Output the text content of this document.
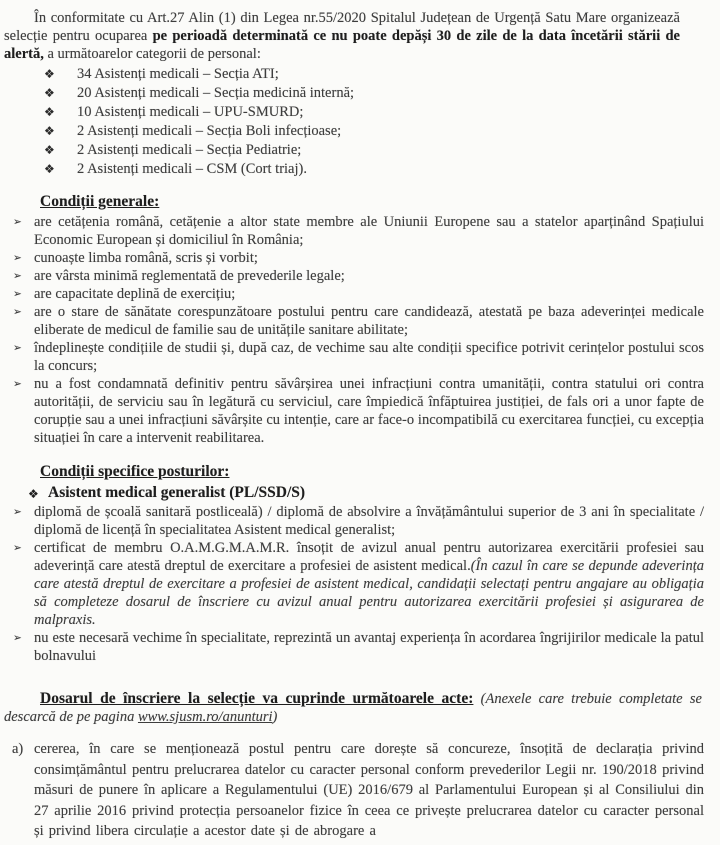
În conformitate cu Art.27 Alin (1) din Legea nr.55/2020 Spitalul Județean de Urgență Satu Mare organizează selecție pentru ocuparea pe perioadă determinată ce nu poate depăși 30 de zile de la data încetării stării de alertă, a următoarelor categorii de personal:

❖ 34 Asistenți medicali – Secția ATI;
❖ 20 Asistenți medicali – Secția medicină internă;
❖ 10 Asistenți medicali – UPU-SMURD;
❖ 2 Asistenți medicali – Secția Boli infecțioase;
❖ 2 Asistenți medicali – Secția Pediatrie;
❖ 2 Asistenți medicali – CSM (Cort triaj).
Condiții generale:
➢ are cetățenia română, cetățenie a altor state membre ale Uniunii Europene sau a statelor aparținând Spațiului Economic European și domiciliul în România;
➢ cunoaște limba română, scris și vorbit;
➢ are vârsta minimă reglementată de prevederile legale;
➢ are capacitate deplină de exercițiu;
➢ are o stare de sănătate corespunzătoare postului pentru care candidează, atestată pe baza adeverinței medicale eliberate de medicul de familie sau de unitățile sanitare abilitate;
➢ îndeplinește condițiile de studii și, după caz, de vechime sau alte condiții specifice potrivit cerințelor postului scos la concurs;
➢ nu a fost condamnată definitiv pentru săvârșirea unei infracțiuni contra umanității, contra statului ori contra autorității, de serviciu sau în legătură cu serviciul, care împiedică înfăptuirea justiției, de fals ori a unor fapte de corupție sau a unei infracțiuni săvârșite cu intenție, care ar face-o incompatibilă cu exercitarea funcției, cu excepția situației în care a intervenit reabilitarea.
Condiții specifice posturilor:
❖ Asistent medical generalist (PL/SSD/S)
➢ diplomă de școală sanitară postliceală) / diplomă de absolvire a învățământului superior de 3 ani în specialitate / diplomă de licență în specialitatea Asistent medical generalist;
➢ certificat de membru O.A.M.G.M.A.M.R. însoțit de avizul anual pentru autorizarea exercitării profesiei sau adeverință care atestă dreptul de exercitare a profesiei de asistent medical.(În cazul în care se depunde adeverința care atestă dreptul de exercitare a profesiei de asistent medical, candidații selectați pentru angajare au obligația să completeze dosarul de înscriere cu avizul anual pentru autorizarea exercitării profesiei și asigurarea de malpraxis.
➢ nu este necesară vechime în specialitate, reprezintă un avantaj experiența în acordarea îngrijirilor medicale la patul bolnavului

Dosarul de înscriere la selecție va cuprinde următoarele acte: (Anexele care trebuie completate se descarcă de pe pagina www.sjusm.ro/anunturi)

a) cererea, în care se menționează postul pentru care dorește să concureze, însoțită de declarația privind consimțământul pentru prelucrarea datelor cu caracter personal conform prevederilor Legii nr. 190/2018 privind măsuri de punere în aplicare a Regulamentului (UE) 2016/679 al Parlamentului European și al Consiliului din 27 aprilie 2016 privind protecția persoanelor fizice în ceea ce privește prelucrarea datelor cu caracter personal și privind libera circulație a acestor date și de abrogare a
